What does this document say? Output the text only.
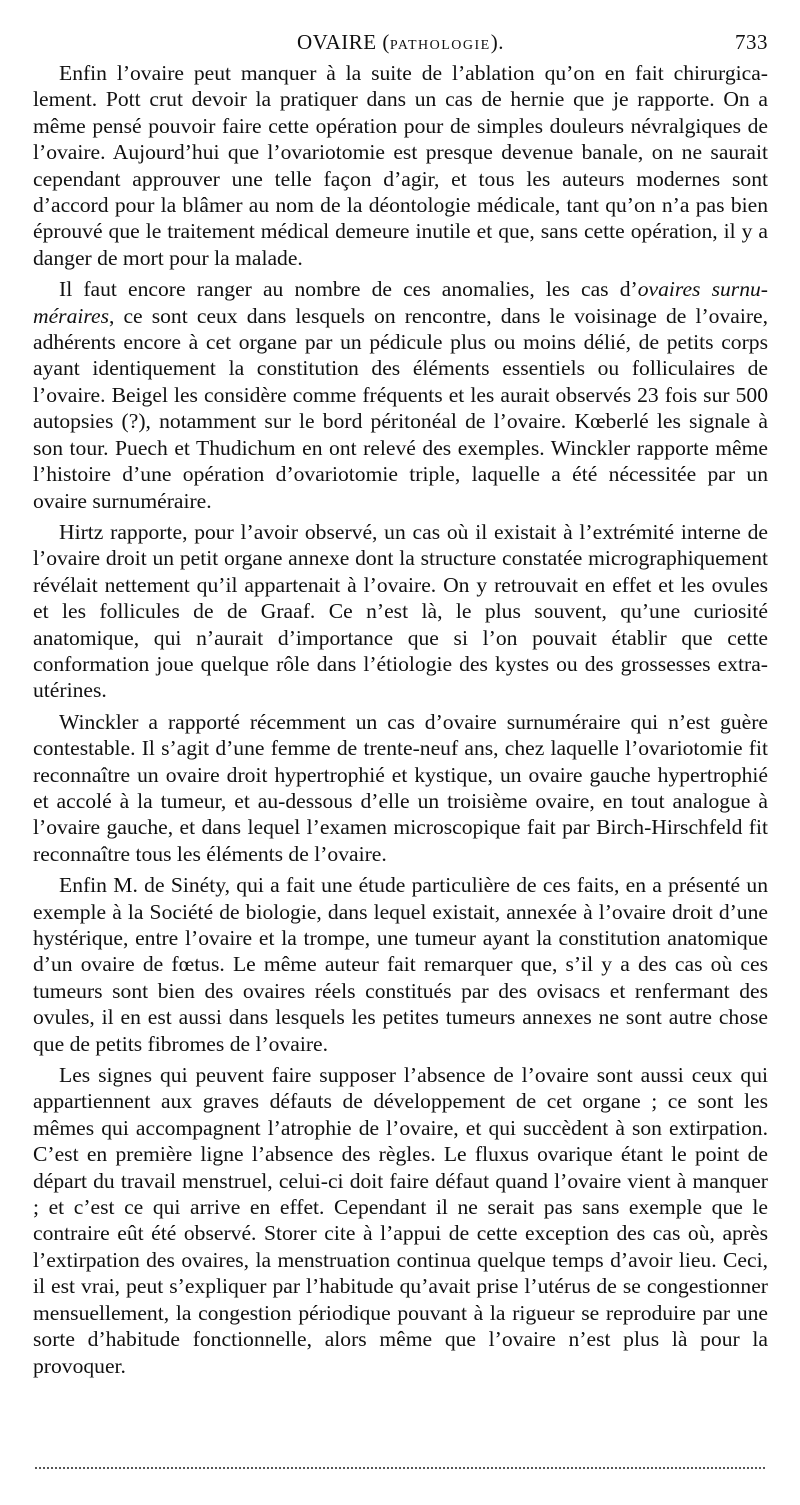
OVAIRE (PATHOLOGIE).	733

Enfin l’ovaire peut manquer à la suite de l’ablation qu’on en fait chirurgicalement. Pott crut devoir la pratiquer dans un cas de hernie que je rapporte. On a même pensé pouvoir faire cette opération pour de simples douleurs névralgiques de l’ovaire. Aujourd’hui que l’ovariotomie est presque devenue banale, on ne saurait cependant approuver une telle façon d’agir, et tous les auteurs modernes sont d’accord pour la blâmer au nom de la déontologie médicale, tant qu’on n’a pas bien éprouvé que le traitement médical demeure inutile et que, sans cette opération, il y a danger de mort pour la malade.

Il faut encore ranger au nombre de ces anomalies, les cas d’ovaires surnuméraires, ce sont ceux dans lesquels on rencontre, dans le voisinage de l’ovaire, adhérents encore à cet organe par un pédicule plus ou moins délié, de petits corps ayant identiquement la constitution des éléments essentiels ou folliculaires de l’ovaire. Beigel les considère comme fréquents et les aurait observés 23 fois sur 500 autopsies (?), notamment sur le bord péritonéal de l’ovaire. Kœberlé les signale à son tour. Puech et Thudichum en ont relevé des exemples. Winckler rapporte même l’histoire d’une opération d’ovariotomie triple, laquelle a été nécessitée par un ovaire surnuméraire.

Hirtz rapporte, pour l’avoir observé, un cas où il existait à l’extrémité interne de l’ovaire droit un petit organe annexe dont la structure constatée micrographiquement révélait nettement qu’il appartenait à l’ovaire. On y retrouvait en effet et les ovules et les follicules de de Graaf. Ce n’est là, le plus souvent, qu’une curiosité anatomique, qui n’aurait d’importance que si l’on pouvait établir que cette conformation joue quelque rôle dans l’étiologie des kystes ou des grossesses extra-utérines.

Winckler a rapporté récemment un cas d’ovaire surnuméraire qui n’est guère contestable. Il s’agit d’une femme de trente-neuf ans, chez laquelle l’ovariotomie fit reconnaître un ovaire droit hypertrophié et kystique, un ovaire gauche hypertrophié et accolé à la tumeur, et au-dessous d’elle un troisième ovaire, en tout analogue à l’ovaire gauche, et dans lequel l’examen microscopique fait par Birch-Hirschfeld fit reconnaître tous les éléments de l’ovaire.

Enfin M. de Sinéty, qui a fait une étude particulière de ces faits, en a présenté un exemple à la Société de biologie, dans lequel existait, annexée à l’ovaire droit d’une hystérique, entre l’ovaire et la trompe, une tumeur ayant la constitution anatomique d’un ovaire de fœtus. Le même auteur fait remarquer que, s’il y a des cas où ces tumeurs sont bien des ovaires réels constitués par des ovisacs et renfermant des ovules, il en est aussi dans lesquels les petites tumeurs annexes ne sont autre chose que de petits fibromes de l’ovaire.

Les signes qui peuvent faire supposer l’absence de l’ovaire sont aussi ceux qui appartiennent aux graves défauts de développement de cet organe ; ce sont les mêmes qui accompagnent l’atrophie de l’ovaire, et qui succèdent à son extirpation. C’est en première ligne l’absence des règles. Le fluxus ovarique étant le point de départ du travail menstruel, celui-ci doit faire défaut quand l’ovaire vient à manquer ; et c’est ce qui arrive en effet. Cependant il ne serait pas sans exemple que le contraire eût été observé. Storer cite à l’appui de cette exception des cas où, après l’extirpation des ovaires, la menstruation continua quelque temps d’avoir lieu. Ceci, il est vrai, peut s’expliquer par l’habitude qu’avait prise l’utérus de se congestionner mensuellement, la congestion périodique pouvant à la rigueur se reproduire par une sorte d’habitude fonctionnelle, alors même que l’ovaire n’est plus là pour la provoquer.
